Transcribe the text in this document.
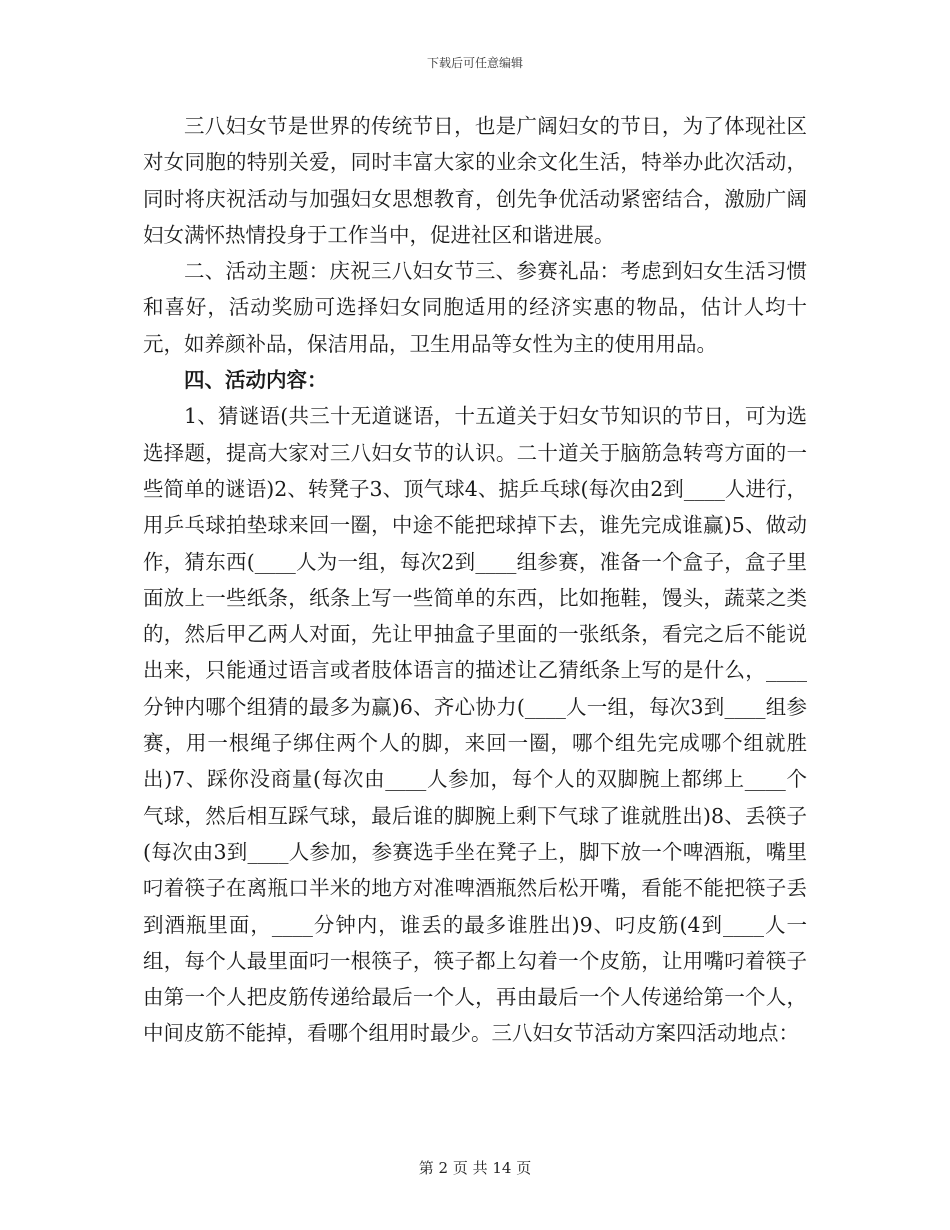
下载后可任意编辑

三八妇女节是世界的传统节日，也是广阔妇女的节日，为了体现社区对女同胞的特别关爱，同时丰富大家的业余文化生活，特举办此次活动，同时将庆祝活动与加强妇女思想教育，创先争优活动紧密结合，激励广阔妇女满怀热情投身于工作当中，促进社区和谐进展。

二、活动主题：庆祝三八妇女节三、参赛礼品：考虑到妇女生活习惯和喜好，活动奖励可选择妇女同胞适用的经济实惠的物品，估计人均十元，如养颜补品，保洁用品，卫生用品等女性为主的使用用品。

四、活动内容：

1、猜谜语(共三十无道谜语，十五道关于妇女节知识的节日，可为选选择题，提高大家对三八妇女节的认识。二十道关于脑筋急转弯方面的一些简单的谜语)2、转凳子3、顶气球4、掂乒乓球(每次由2到____人进行，用乒乓球拍垫球来回一圈，中途不能把球掉下去，谁先完成谁赢)5、做动作，猜东西(____人为一组，每次2到____组参赛，准备一个盒子，盒子里面放上一些纸条，纸条上写一些简单的东西，比如拖鞋，馒头，蔬菜之类的，然后甲乙两人对面，先让甲抽盒子里面的一张纸条，看完之后不能说出来，只能通过语言或者肢体语言的描述让乙猜纸条上写的是什么，____分钟内哪个组猜的最多为赢)6、齐心协力(____人一组，每次3到____组参赛，用一根绳子绑住两个人的脚，来回一圈，哪个组先完成哪个组就胜出)7、踩你没商量(每次由____人参加，每个人的双脚腕上都绑上____个气球，然后相互踩气球，最后谁的脚腕上剩下气球了谁就胜出)8、丢筷子(每次由3到____人参加，参赛选手坐在凳子上，脚下放一个啤酒瓶，嘴里叼着筷子在离瓶口半米的地方对准啤酒瓶然后松开嘴，看能不能把筷子丢到酒瓶里面，____分钟内，谁丢的最多谁胜出)9、叼皮筋(4到____人一组，每个人最里面叼一根筷子，筷子都上勾着一个皮筋，让用嘴叼着筷子由第一个人把皮筋传递给最后一个人，再由最后一个人传递给第一个人，中间皮筋不能掉，看哪个组用时最少。三八妇女节活动方案四活动地点：

第 2 页 共 14 页
